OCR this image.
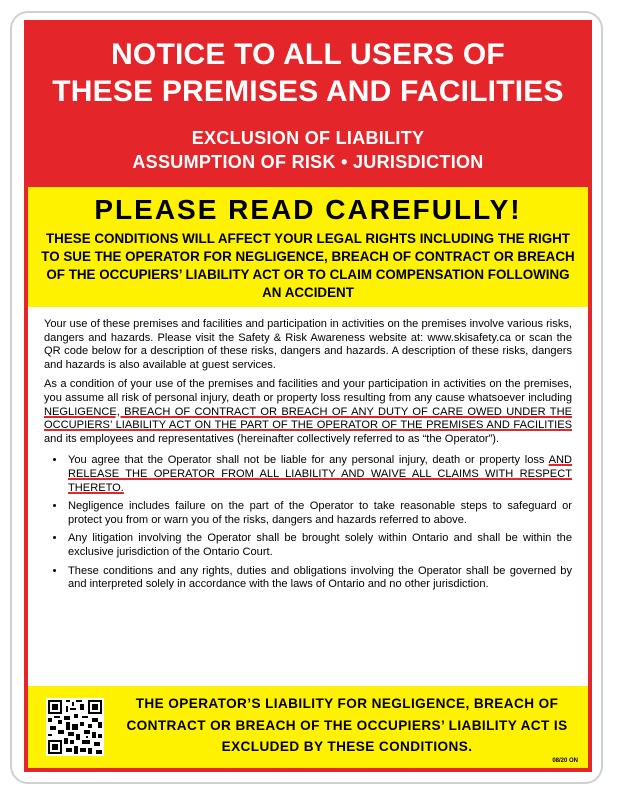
NOTICE TO ALL USERS OF
THESE PREMISES AND FACILITIES
EXCLUSION OF LIABILITY
ASSUMPTION OF RISK • JURISDICTION
PLEASE READ CAREFULLY!
THESE CONDITIONS WILL AFFECT YOUR LEGAL RIGHTS INCLUDING THE RIGHT TO SUE THE OPERATOR FOR NEGLIGENCE, BREACH OF CONTRACT OR BREACH OF THE OCCUPIERS’ LIABILITY ACT OR TO CLAIM COMPENSATION FOLLOWING AN ACCIDENT

Your use of these premises and facilities and participation in activities on the premises involve various risks, dangers and hazards. Please visit the Safety & Risk Awareness website at: www.skisafety.ca or scan the QR code below for a description of these risks, dangers and hazards. A description of these risks, dangers and hazards is also available at guest services.

As a condition of your use of the premises and facilities and your participation in activities on the premises, you assume all risk of personal injury, death or property loss resulting from any cause whatsoever including NEGLIGENCE, BREACH OF CONTRACT OR BREACH OF ANY DUTY OF CARE OWED UNDER THE OCCUPIERS’ LIABILITY ACT ON THE PART OF THE OPERATOR OF THE PREMISES AND FACILITIES and its employees and representatives (hereinafter collectively referred to as “the Operator”).

• You agree that the Operator shall not be liable for any personal injury, death or property loss AND RELEASE THE OPERATOR FROM ALL LIABILITY AND WAIVE ALL CLAIMS WITH RESPECT THERETO.
• Negligence includes failure on the part of the Operator to take reasonable steps to safeguard or protect you from or warn you of the risks, dangers and hazards referred to above.
• Any litigation involving the Operator shall be brought solely within Ontario and shall be within the exclusive jurisdiction of the Ontario Court.
• These conditions and any rights, duties and obligations involving the Operator shall be governed by and interpreted solely in accordance with the laws of Ontario and no other jurisdiction.
THE OPERATOR’S LIABILITY FOR NEGLIGENCE, BREACH OF CONTRACT OR BREACH OF THE OCCUPIERS’ LIABILITY ACT IS EXCLUDED BY THESE CONDITIONS.
08/20 ON
